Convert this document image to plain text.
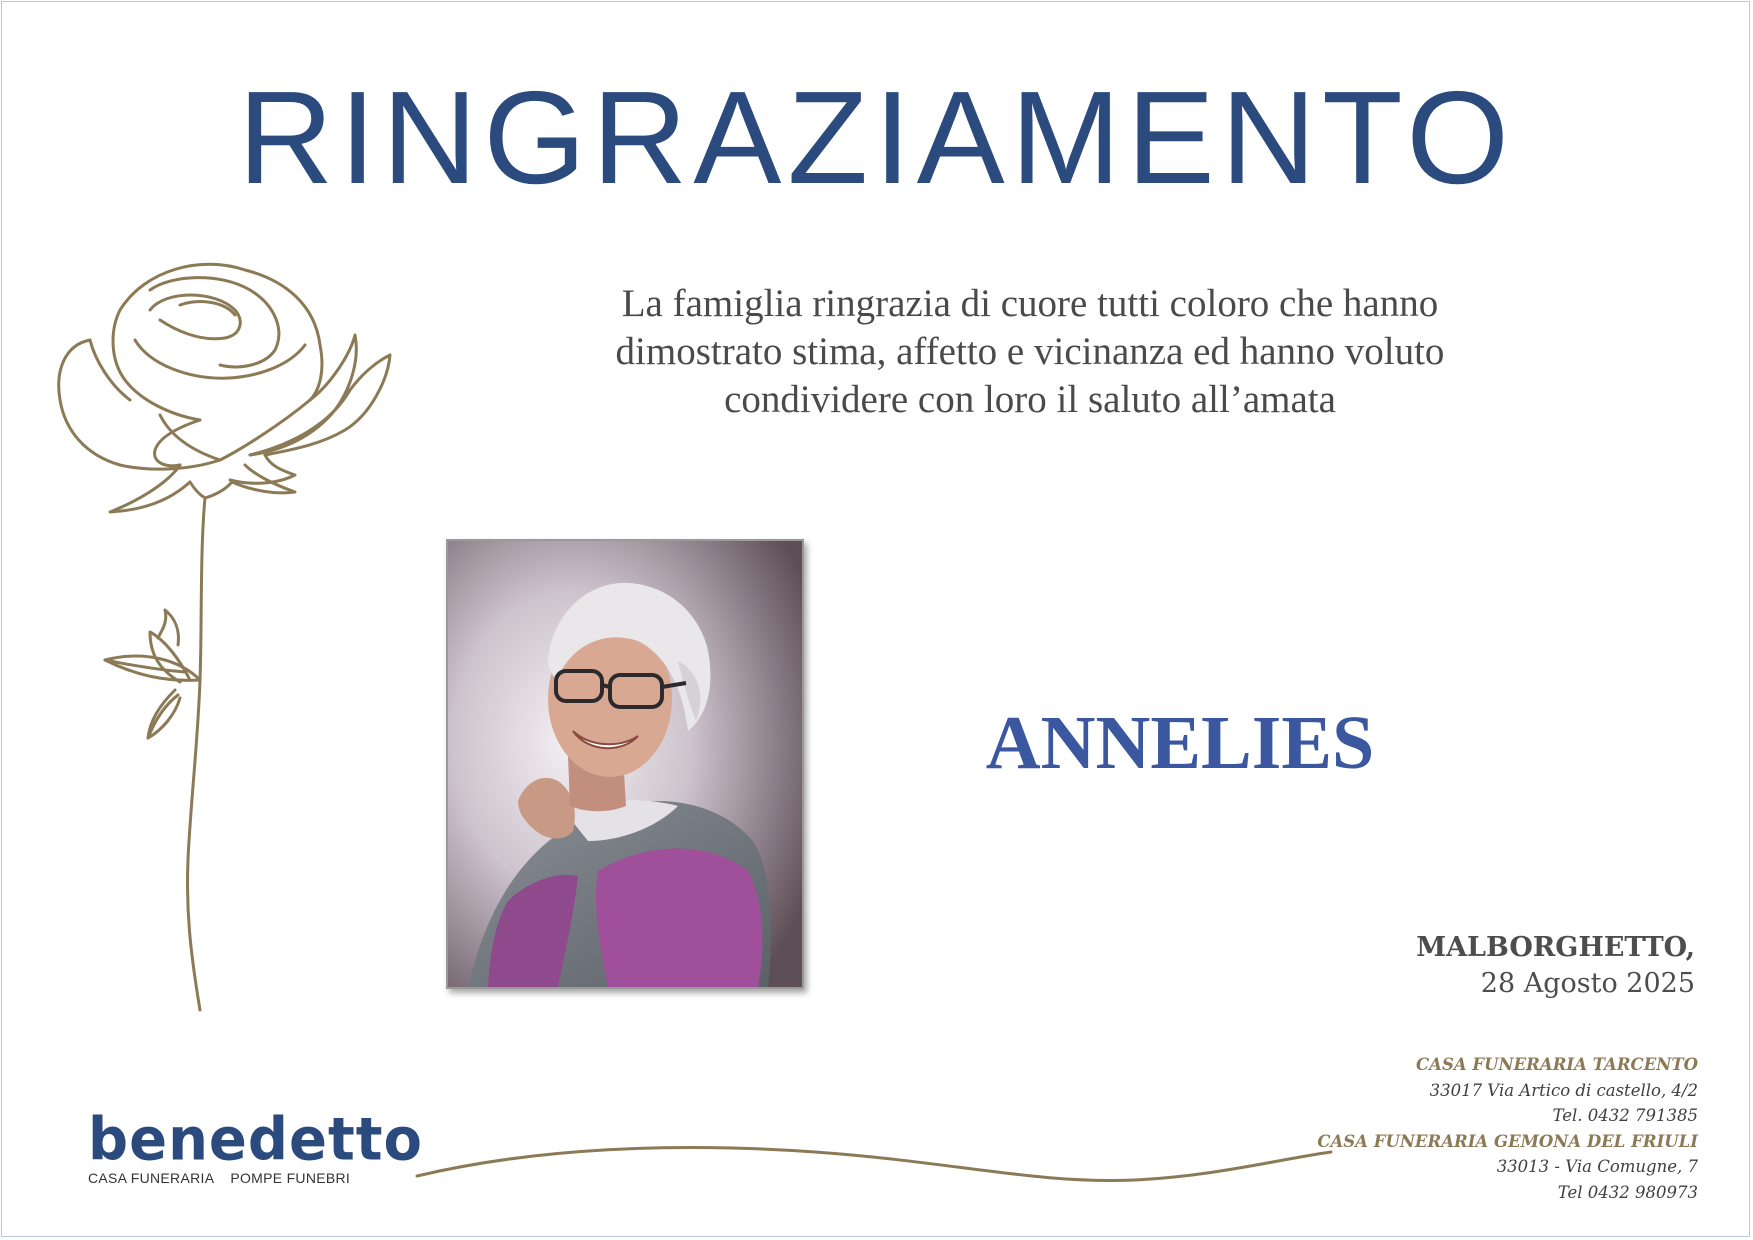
RINGRAZIAMENTO

La famiglia ringrazia di cuore tutti coloro che hanno
dimostrato stima, affetto e vicinanza ed hanno voluto
condividere con loro il saluto all’amata

ANNELIES
MALBORGHETTO,
28 Agosto 2025
CASA FUNERARIA TARCENTO
33017 Via Artico di castello, 4/2
Tel. 0432 791385
CASA FUNERARIA GEMONA DEL FRIULI
33013 - Via Comugne, 7
Tel 0432 980973
benedetto
CASA FUNERARIA    POMPE FUNEBRI
